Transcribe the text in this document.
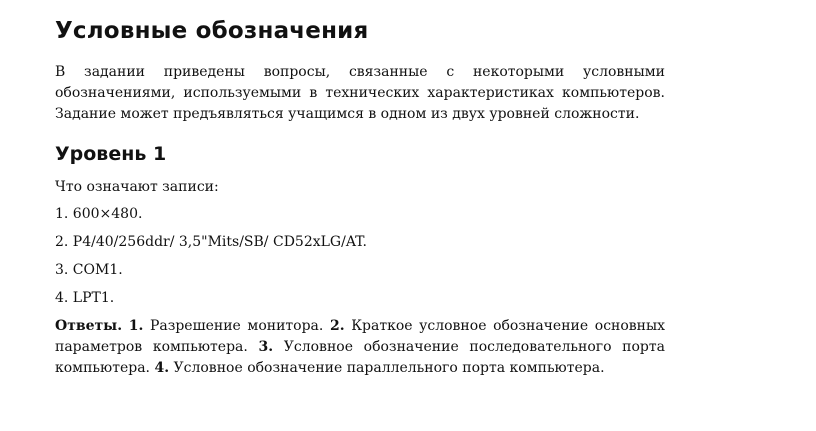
Условные обозначения

В задании приведены вопросы, связанные с некоторыми условными обозначениями, используемыми в технических характеристиках компьютеров. Задание может предъявляться учащимся в одном из двух уровней сложности.

Уровень 1

Что означают записи:

1. 600×480.
2. P4/40/256ddr/ 3,5"Mits/SB/ CD52xLG/AT.
3. COM1.
4. LPT1.

Ответы. 1. Разрешение монитора. 2. Краткое условное обозначение основных параметров компьютера. 3. Условное обозначение последовательного порта компьютера. 4. Условное обозначение параллельного порта компьютера.
